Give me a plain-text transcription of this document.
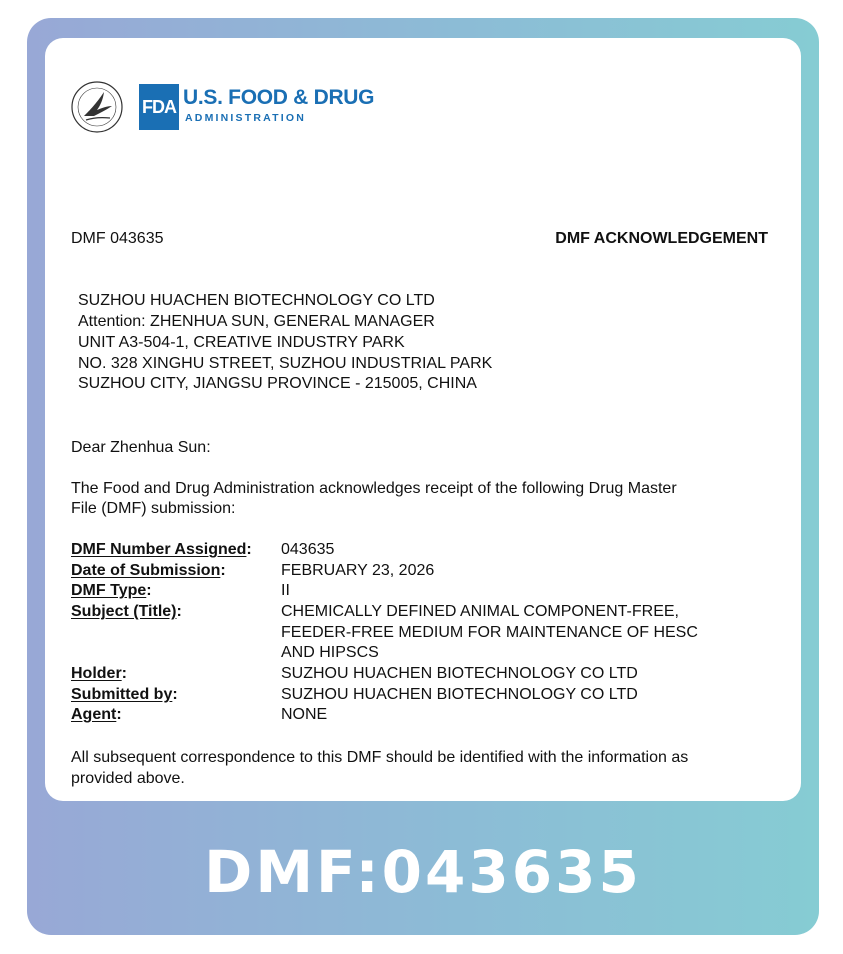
FDA U.S. FOOD & DRUG
ADMINISTRATION
DMF 043635	DMF ACKNOWLEDGEMENT
SUZHOU HUACHEN BIOTECHNOLOGY CO LTD
Attention: ZHENHUA SUN, GENERAL MANAGER
UNIT A3-504-1, CREATIVE INDUSTRY PARK
NO. 328 XINGHU STREET, SUZHOU INDUSTRIAL PARK
SUZHOU CITY, JIANGSU PROVINCE - 215005, CHINA
Dear Zhenhua Sun:
The Food and Drug Administration acknowledges receipt of the following Drug Master
File (DMF) submission:
DMF Number Assigned: 043635
Date of Submission:	FEBRUARY 23, 2026
DMF Type:	II
Subject (Title):	CHEMICALLY DEFINED ANIMAL COMPONENT-FREE,
FEEDER-FREE MEDIUM FOR MAINTENANCE OF HESC
AND HIPSCS
Holder:	SUZHOU HUACHEN BIOTECHNOLOGY CO LTD
Submitted by:	SUZHOU HUACHEN BIOTECHNOLOGY CO LTD
Agent:	NONE
All subsequent correspondence to this DMF should be identified with the information as
provided above.
DMF:043635
